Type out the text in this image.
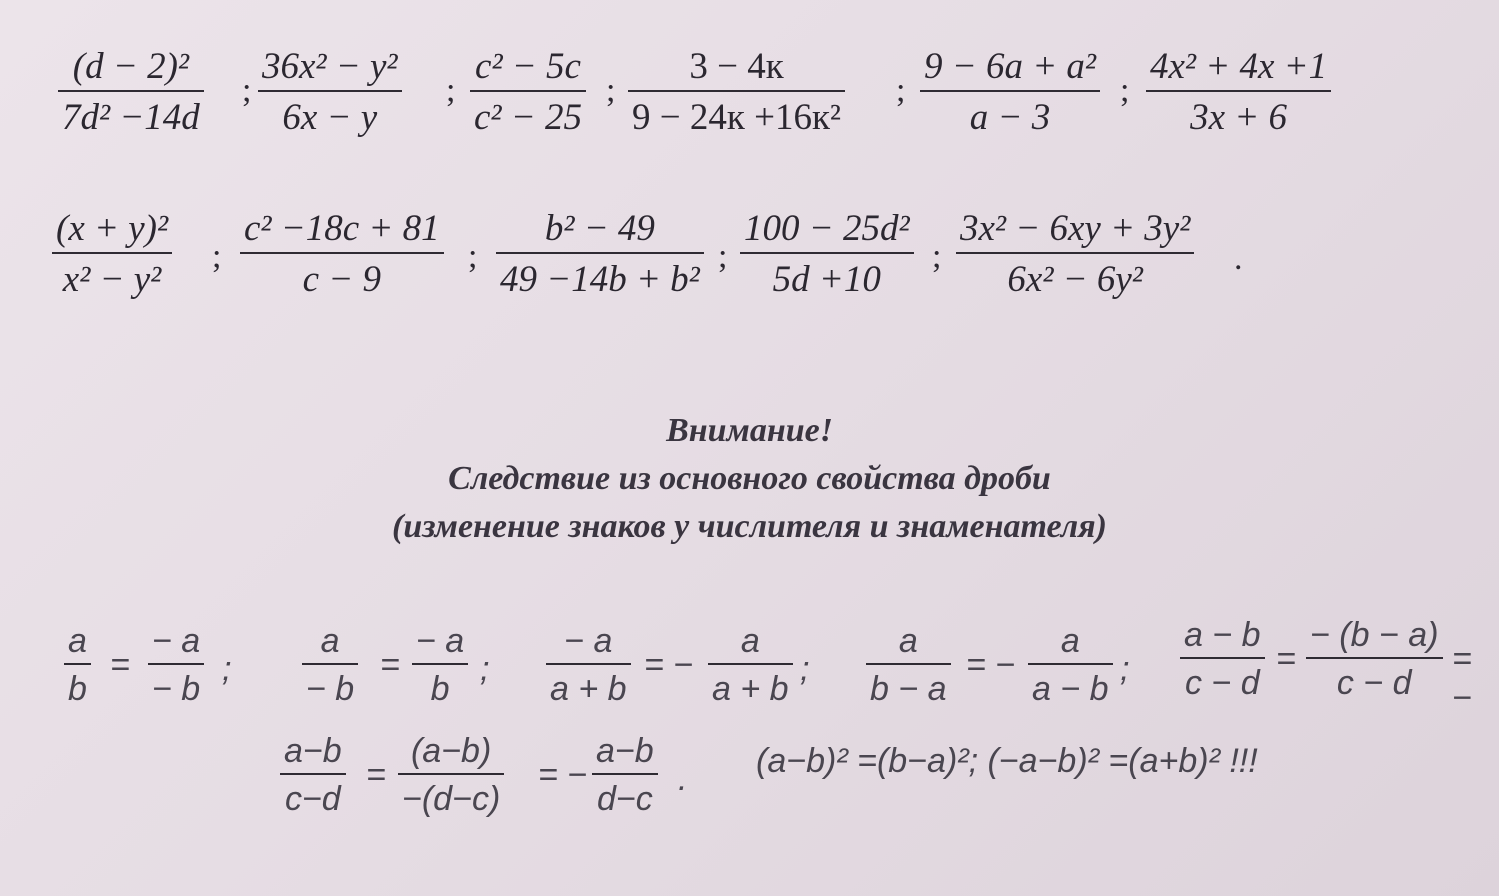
$\frac{\text{(d − 2)²}}{\text{7d² −14d}}$ ; $\frac{\text{36x² − y²}}{6x - y}$ ; $\frac{\text{c² − 5c}}{\text{c² − 25}}$ ;
3 − 4к
9 − 24к +16к²
; $\frac{\text{9 − 6a + a²}}{a - 3}$ ; $\frac{\text{4x² + 4x +1}}{3x + 6}$
$\frac{\text{(x + y)²}}{\text{x² − y²}}$ ; $\frac{\text{c² −18c + 81}}{c - 9}$ ; $\frac{\text{b² − 49}}{\text{49 −14b + b²}}$ ; $\frac{\text{100 − 25d²}}{5d +10}$ ; $\frac{\text{3x² − 6xy + 3y²}}{\text{6x² − 6y²}}$ .
Внимание!
Следствие из основного свойства дроби
(изменение знаков у числителя и знаменателя)
$\frac{a}{b} = \frac{- a}{- b}$ ; $\frac{a}{- b} = \frac{- a}{b}$ ; $\frac{- a}{a + b}$ = − $\frac{a}{a + b}$ ; $\frac{a}{b - a}$ = − $\frac{a}{a - b}$ ; $\frac{a - b}{c - d} = \frac{- (b - a)}{c - d}$ = −
$\frac{a-b}{c-d} = \frac{(a-b)}{-(d-c)}$ = − $\frac{a-b}{d-c}$ . (a−b)² =(b−a)²; (−a−b)² =(a+b)² !!!
